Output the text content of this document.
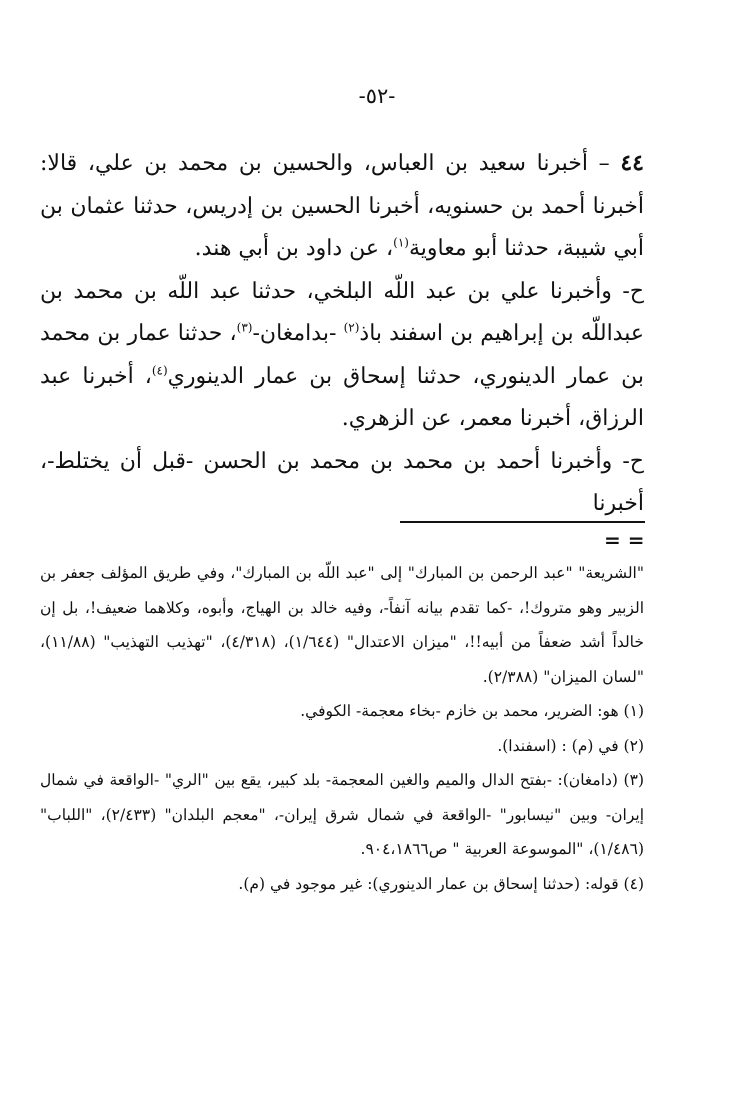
-٥٢-

٤٤ – أخبرنا سعيد بن العباس، والحسين بن محمد بن علي، قالا: أخبرنا أحمد بن حسنويه، أخبرنا الحسين بن إدريس، حدثنا عثمان بن أبي شيبة، حدثنا أبو معاوية$^{(١)}$، عن داود بن أبي هند.

ح- وأخبرنا علي بن عبد اللّه البلخي، حدثنا عبد اللّه بن محمد بن عبداللّه بن إبراهيم بن اسفند باذ$^{(٢)}$ -بدامغان-$^{(٣)}$، حدثنا عمار بن محمد بن عمار الدينوري، حدثنا إسحاق بن عمار الدينوري$^{(٤)}$، أخبرنا عبد الرزاق، أخبرنا معمر، عن الزهري.

ح- وأخبرنا أحمد بن محمد بن محمد بن الحسن -قبل أن يختلط-، أخبرنا

= =

"الشريعة" "عبد الرحمن بن المبارك" إلى "عبد اللّه بن المبارك"، وفي طريق المؤلف جعفر بن الزبير وهو متروك!، -كما تقدم بيانه آنفاً-، وفيه خالد بن الهياج، وأبوه، وكلاهما ضعيف!، بل إن خالداً أشد ضعفاً من أبيه!!، "ميزان الاعتدال" (١/٦٤٤)، (٤/٣١٨)، "تهذيب التهذيب" (١١/٨٨)، "لسان الميزان" (٢/٣٨٨).

(١) هو: الضرير، محمد بن خازم -بخاء معجمة- الكوفي.

(٢) في (م) : (اسفندا).

(٣) (دامغان): -بفتح الدال والميم والغين المعجمة- بلد كبير، يقع بين "الري" -الواقعة في شمال إيران- وبين "نيسابور" -الواقعة في شمال شرق إيران-، "معجم البلدان" (٢/٤٣٣)، "اللباب" (١/٤٨٦)، "الموسوعة العربية " ص٩٠٤،١٨٦٦.

(٤) قوله: (حدثنا إسحاق بن عمار الدينوري): غير موجود في (م).
